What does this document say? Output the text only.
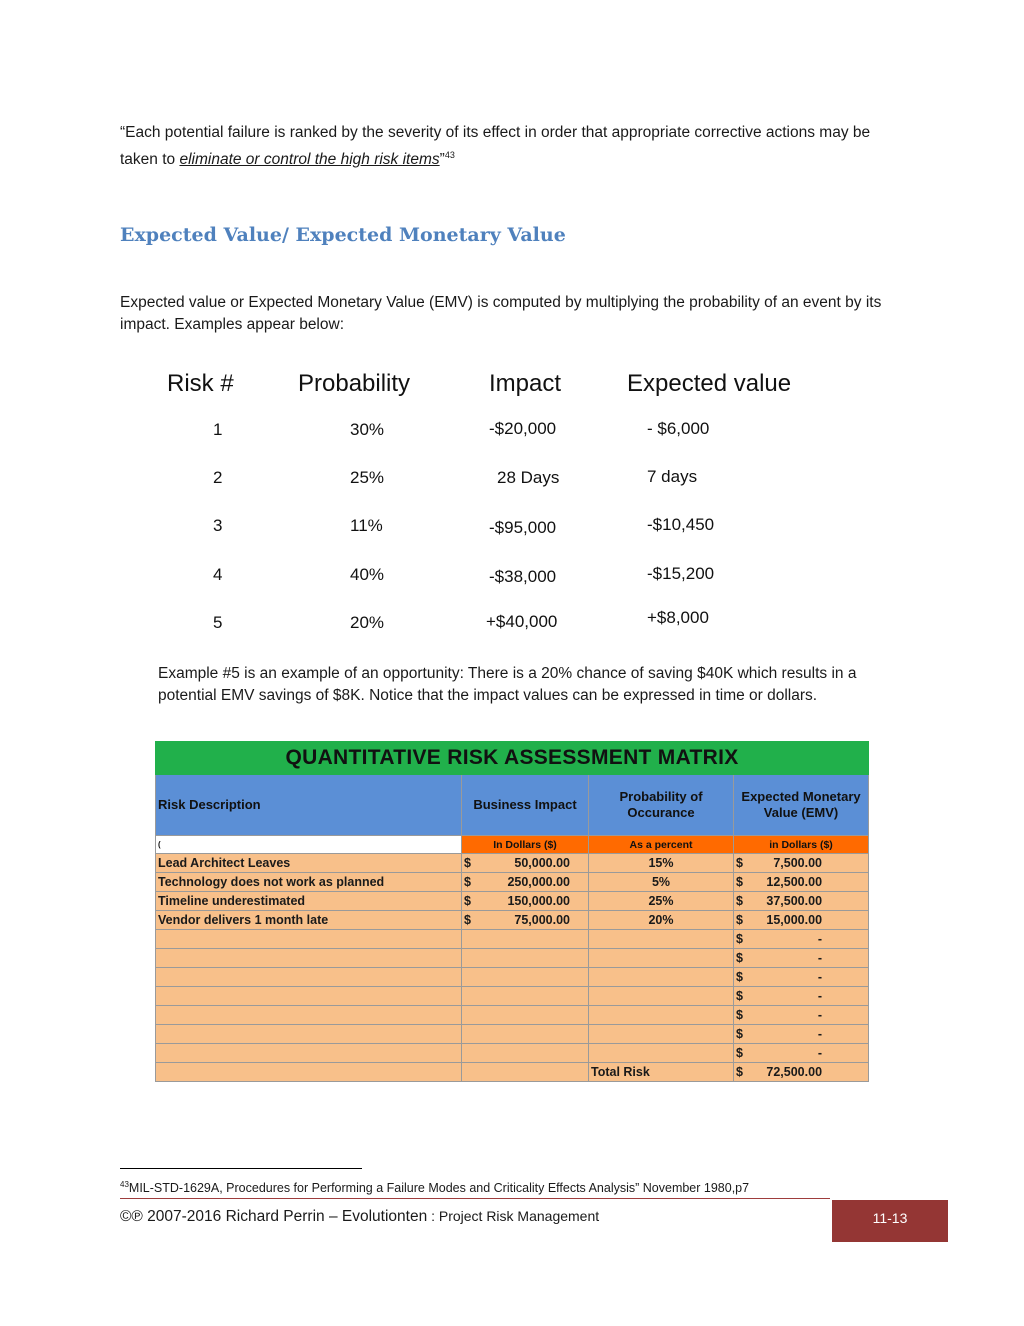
“Each potential failure is ranked by the severity of its effect in order that appropriate corrective actions may be taken to eliminate or control the high risk items”$^{43}$
Expected Value/ Expected Monetary Value
Expected value or Expected Monetary Value (EMV) is computed by multiplying the probability of an event by its impact. Examples appear below:
Risk #	Probability	Impact	Expected value
1	30%	-$20,000	- $6,000
2	25%	28 Days	7 days
3	11%	-$95,000	-$10,450
4	40%	-$38,000	-$15,200
5	20%	+$40,000	+$8,000
Example #5 is an example of an opportunity: There is a 20% chance of saving $40K which results in a potential EMV savings of $8K. Notice that the impact values can be expressed in time or dollars.
QUANTITATIVE RISK ASSESSMENT MATRIX			
Risk Description	Business Impact	Probability of Occurance	Expected Monetary Value (EMV)
(	In Dollars ($)	As a percent	in Dollars ($)
Lead Architect Leaves	$ 50,000.00	15%	$ 7,500.00

Technology does not work as planned	$ 250,000.00	5%	$ 12,500.00

Timeline underestimated	$ 150,000.00	25%	$ 37,500.00

Vendor delivers 1 month late	$ 75,000.00	20%	$ 15,000.00

			$ -

			$ -

			$ -

			$ -

			$ -

			$ -

			$ -

		Total Risk	$ 72,500.00
$^{43}$MIL-STD-1629A, Procedures for Performing a Failure Modes and Criticality Effects Analysis” November 1980,p7
©℗ 2007-2016 Richard Perrin – Evolutionten : Project Risk Management	11-13
